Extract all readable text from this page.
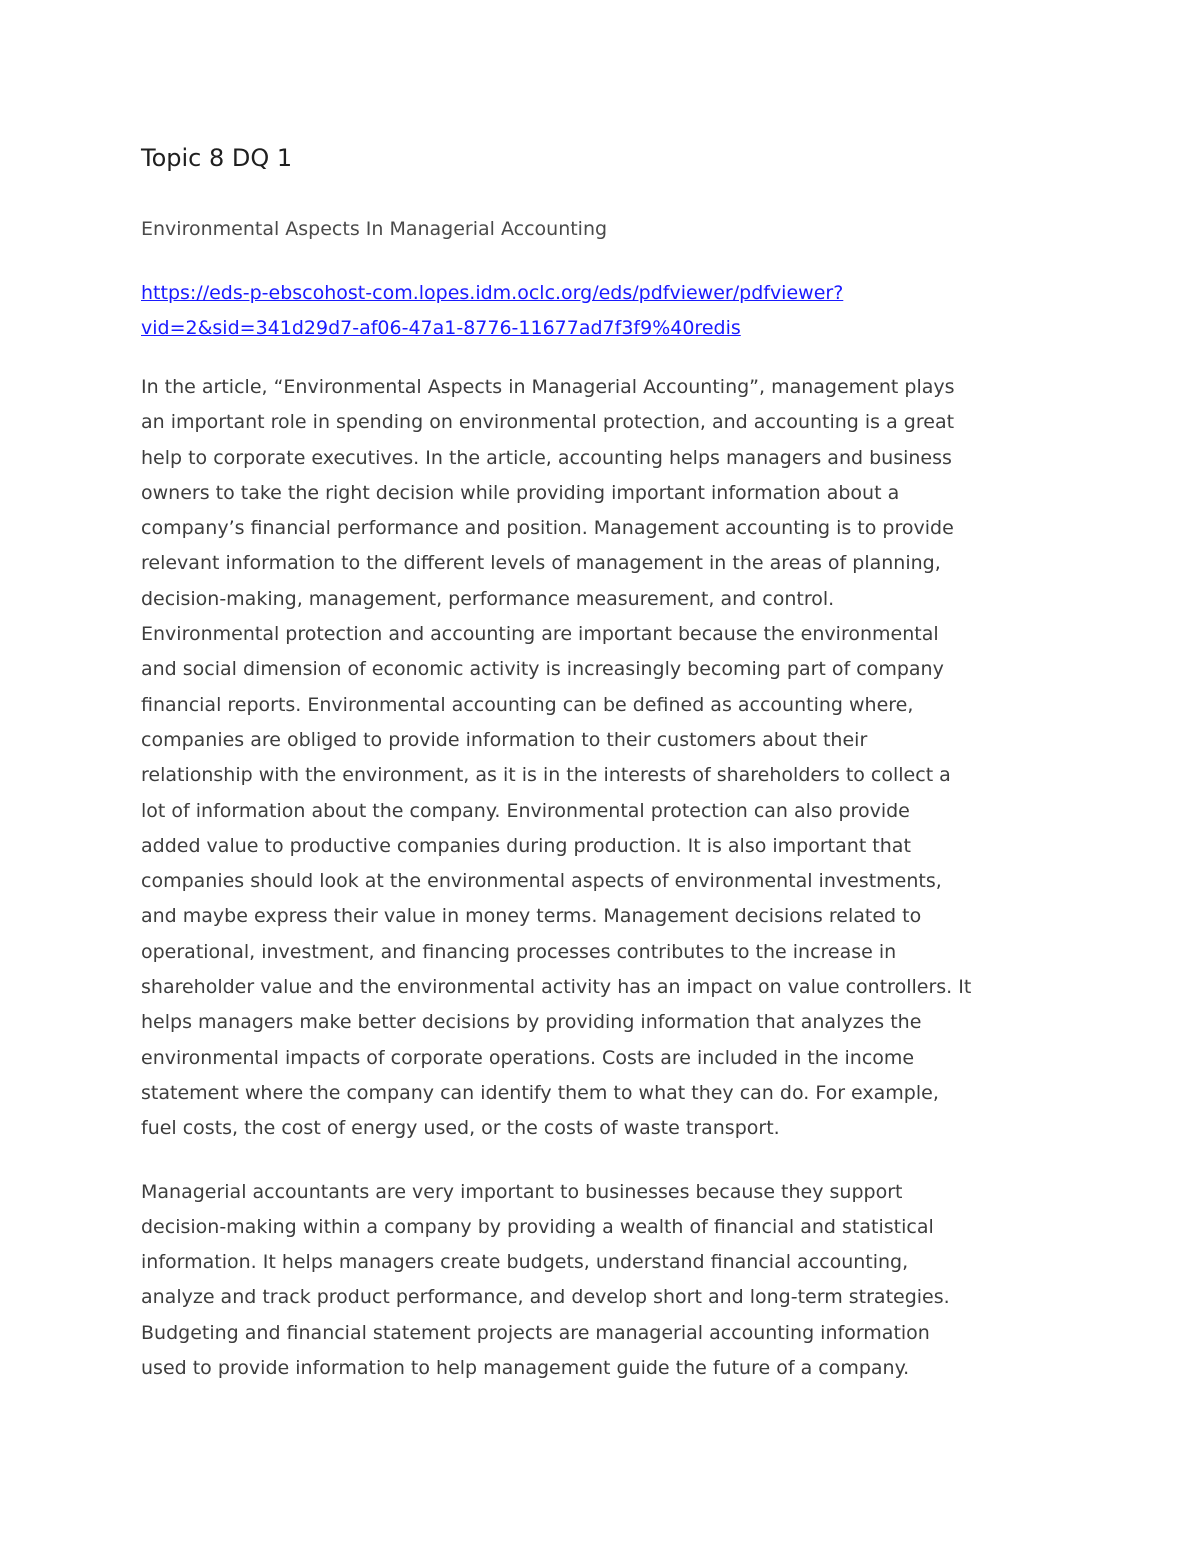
Topic 8 DQ 1
Environmental Aspects In Managerial Accounting
https://eds-p-ebscohost-com.lopes.idm.oclc.org/eds/pdfviewer/pdfviewer?
vid=2&sid=341d29d7-af06-47a1-8776-11677ad7f3f9%40redis
In the article, “Environmental Aspects in Managerial Accounting”, management plays
an important role in spending on environmental protection, and accounting is a great
help to corporate executives. In the article, accounting helps managers and business
owners to take the right decision while providing important information about a
company’s financial performance and position. Management accounting is to provide
relevant information to the different levels of management in the areas of planning,
decision-making, management, performance measurement, and control.
Environmental protection and accounting are important because the environmental
and social dimension of economic activity is increasingly becoming part of company
financial reports. Environmental accounting can be defined as accounting where,
companies are obliged to provide information to their customers about their
relationship with the environment, as it is in the interests of shareholders to collect a
lot of information about the company. Environmental protection can also provide
added value to productive companies during production. It is also important that
companies should look at the environmental aspects of environmental investments,
and maybe express their value in money terms. Management decisions related to
operational, investment, and financing processes contributes to the increase in
shareholder value and the environmental activity has an impact on value controllers. It
helps managers make better decisions by providing information that analyzes the
environmental impacts of corporate operations. Costs are included in the income
statement where the company can identify them to what they can do. For example,
fuel costs, the cost of energy used, or the costs of waste transport.
Managerial accountants are very important to businesses because they support
decision-making within a company by providing a wealth of financial and statistical
information. It helps managers create budgets, understand financial accounting,
analyze and track product performance, and develop short and long-term strategies.
Budgeting and financial statement projects are managerial accounting information
used to provide information to help management guide the future of a company.
